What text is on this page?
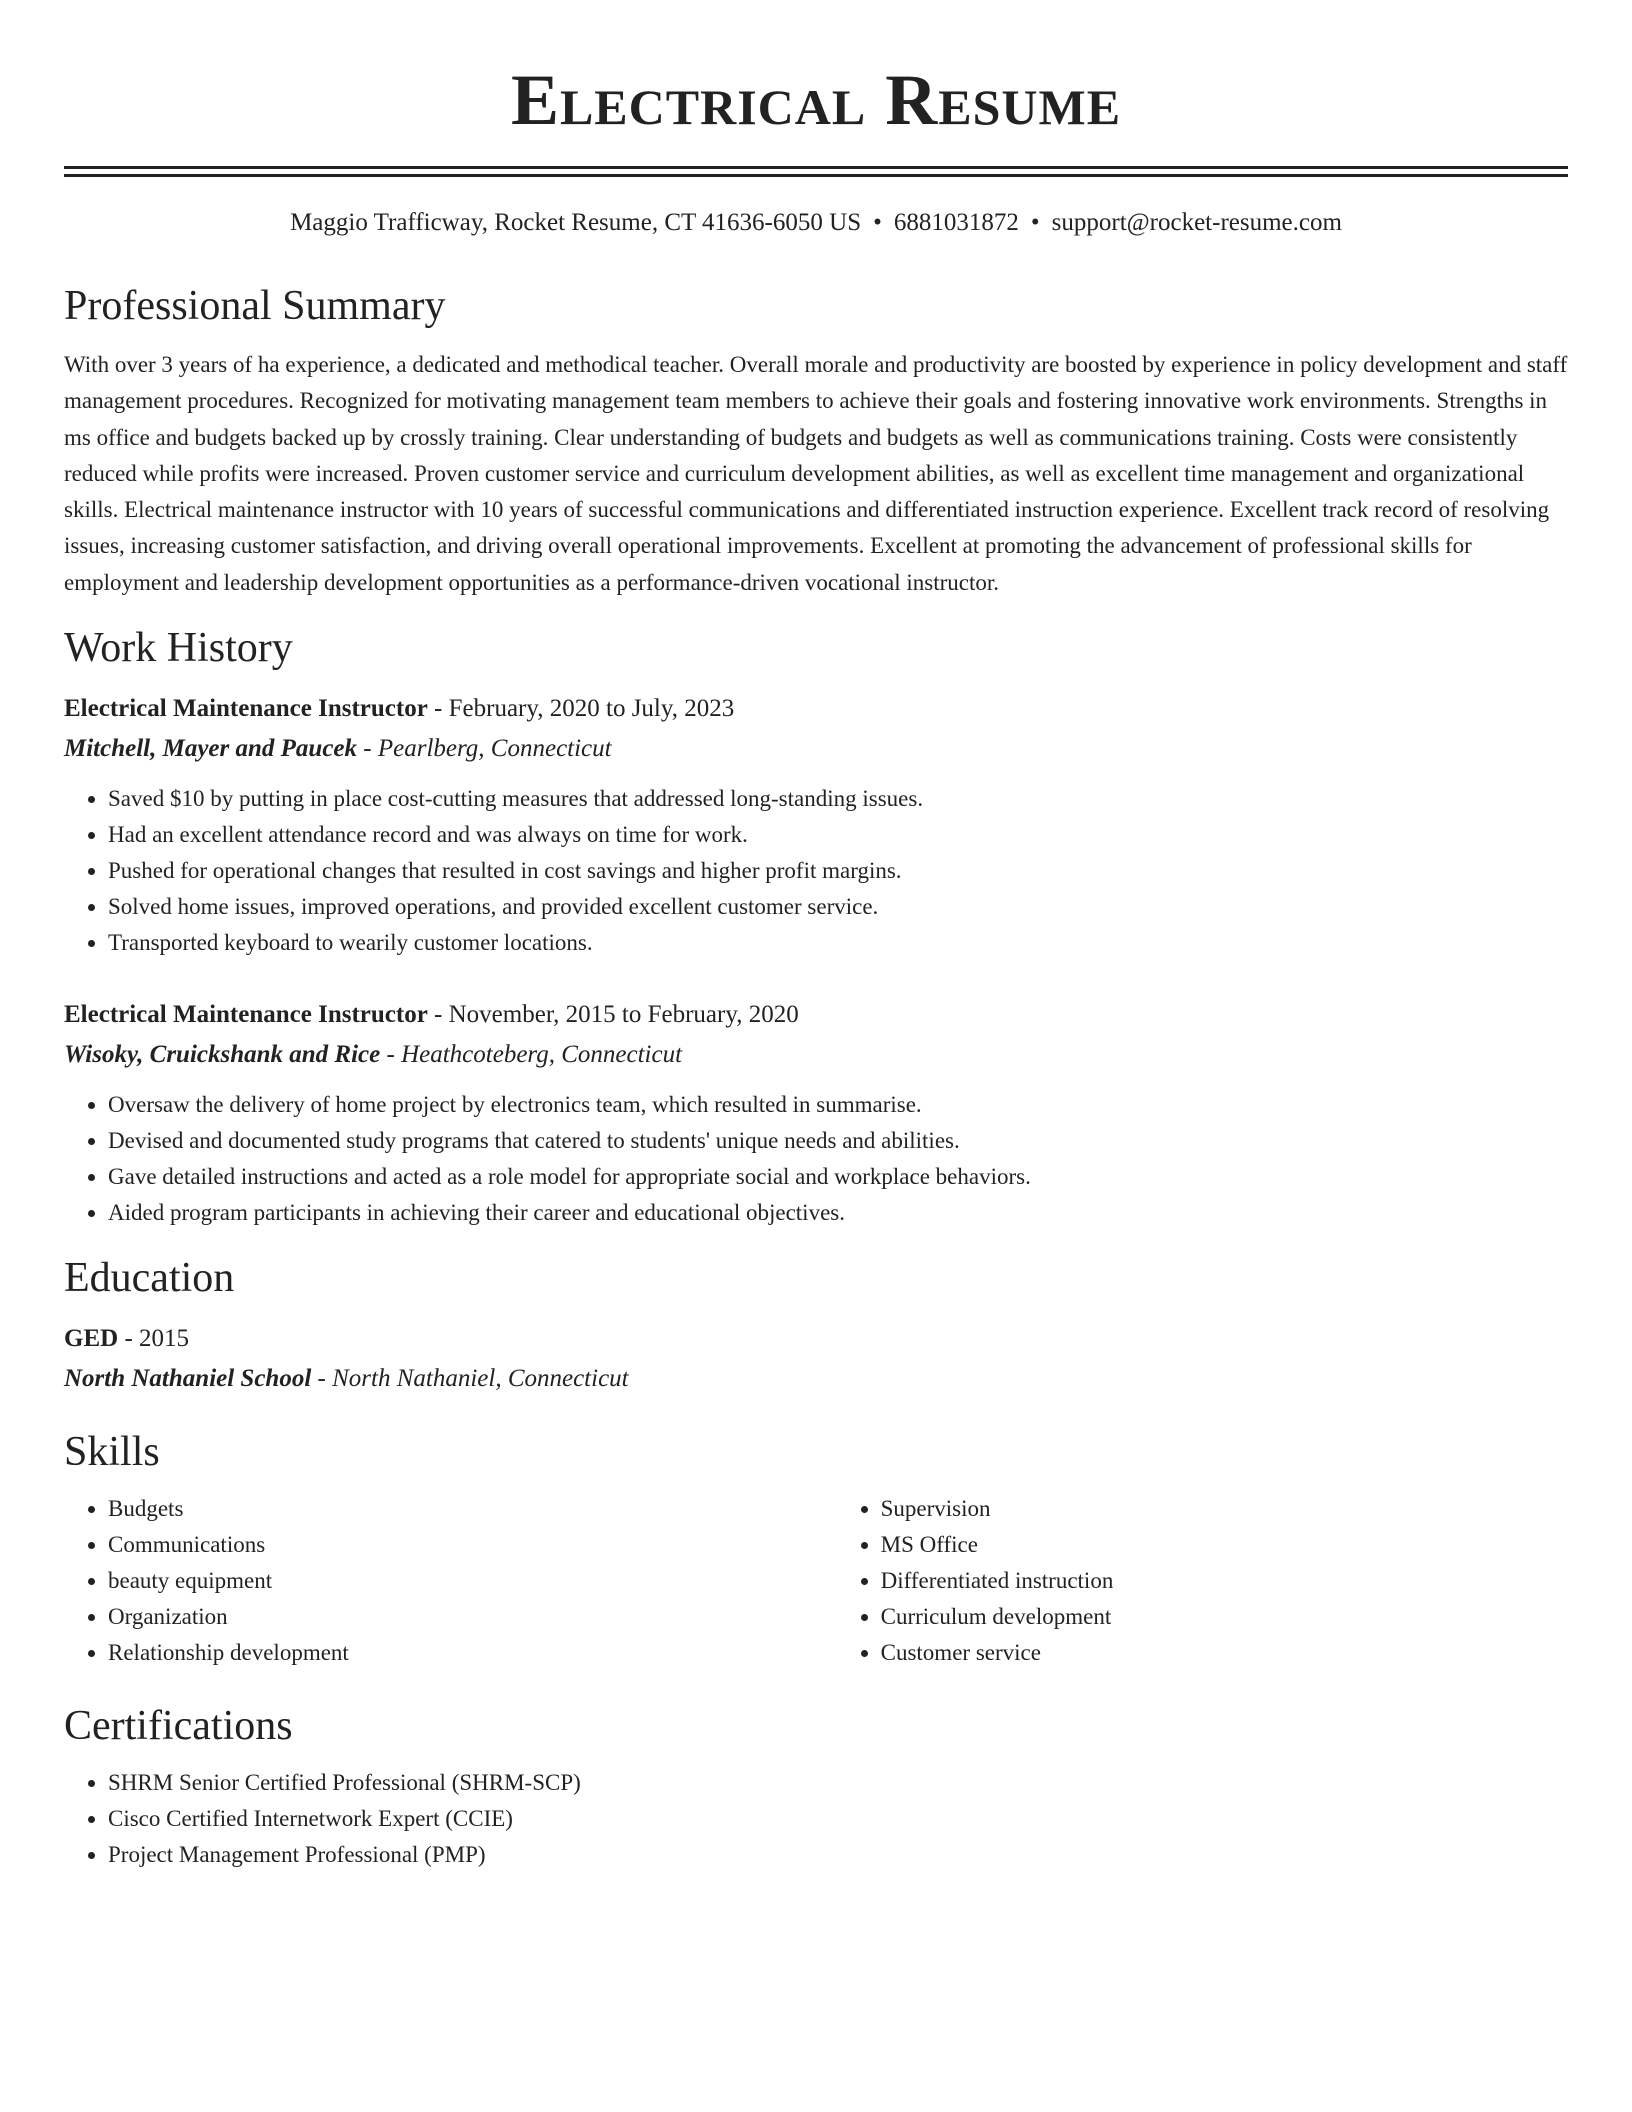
Electrical Resume
Maggio Trafficway, Rocket Resume, CT 41636-6050 US • 6881031872 • support@rocket-resume.com
Professional Summary

With over 3 years of ha experience, a dedicated and methodical teacher. Overall morale and productivity are boosted by experience in policy development and staff management procedures. Recognized for motivating management team members to achieve their goals and fostering innovative work environments. Strengths in ms office and budgets backed up by crossly training. Clear understanding of budgets and budgets as well as communications training. Costs were consistently reduced while profits were increased. Proven customer service and curriculum development abilities, as well as excellent time management and organizational skills. Electrical maintenance instructor with 10 years of successful communications and differentiated instruction experience. Excellent track record of resolving issues, increasing customer satisfaction, and driving overall operational improvements. Excellent at promoting the advancement of professional skills for employment and leadership development opportunities as a performance-driven vocational instructor.

Work History
Electrical Maintenance Instructor - February, 2020 to July, 2023
Mitchell, Mayer and Paucek - Pearlberg, Connecticut
• Saved $10 by putting in place cost-cutting measures that addressed long-standing issues.
• Had an excellent attendance record and was always on time for work.
• Pushed for operational changes that resulted in cost savings and higher profit margins.
• Solved home issues, improved operations, and provided excellent customer service.
• Transported keyboard to wearily customer locations.
Electrical Maintenance Instructor - November, 2015 to February, 2020
Wisoky, Cruickshank and Rice - Heathcoteberg, Connecticut
• Oversaw the delivery of home project by electronics team, which resulted in summarise.
• Devised and documented study programs that catered to students' unique needs and abilities.
• Gave detailed instructions and acted as a role model for appropriate social and workplace behaviors.
• Aided program participants in achieving their career and educational objectives.
Education
GED - 2015
North Nathaniel School - North Nathaniel, Connecticut
Skills
• Budgets
• Communications
• beauty equipment
• Organization
• Relationship development
• Supervision
• MS Office
• Differentiated instruction
• Curriculum development
• Customer service
Certifications
• SHRM Senior Certified Professional (SHRM-SCP)
• Cisco Certified Internetwork Expert (CCIE)
• Project Management Professional (PMP)
